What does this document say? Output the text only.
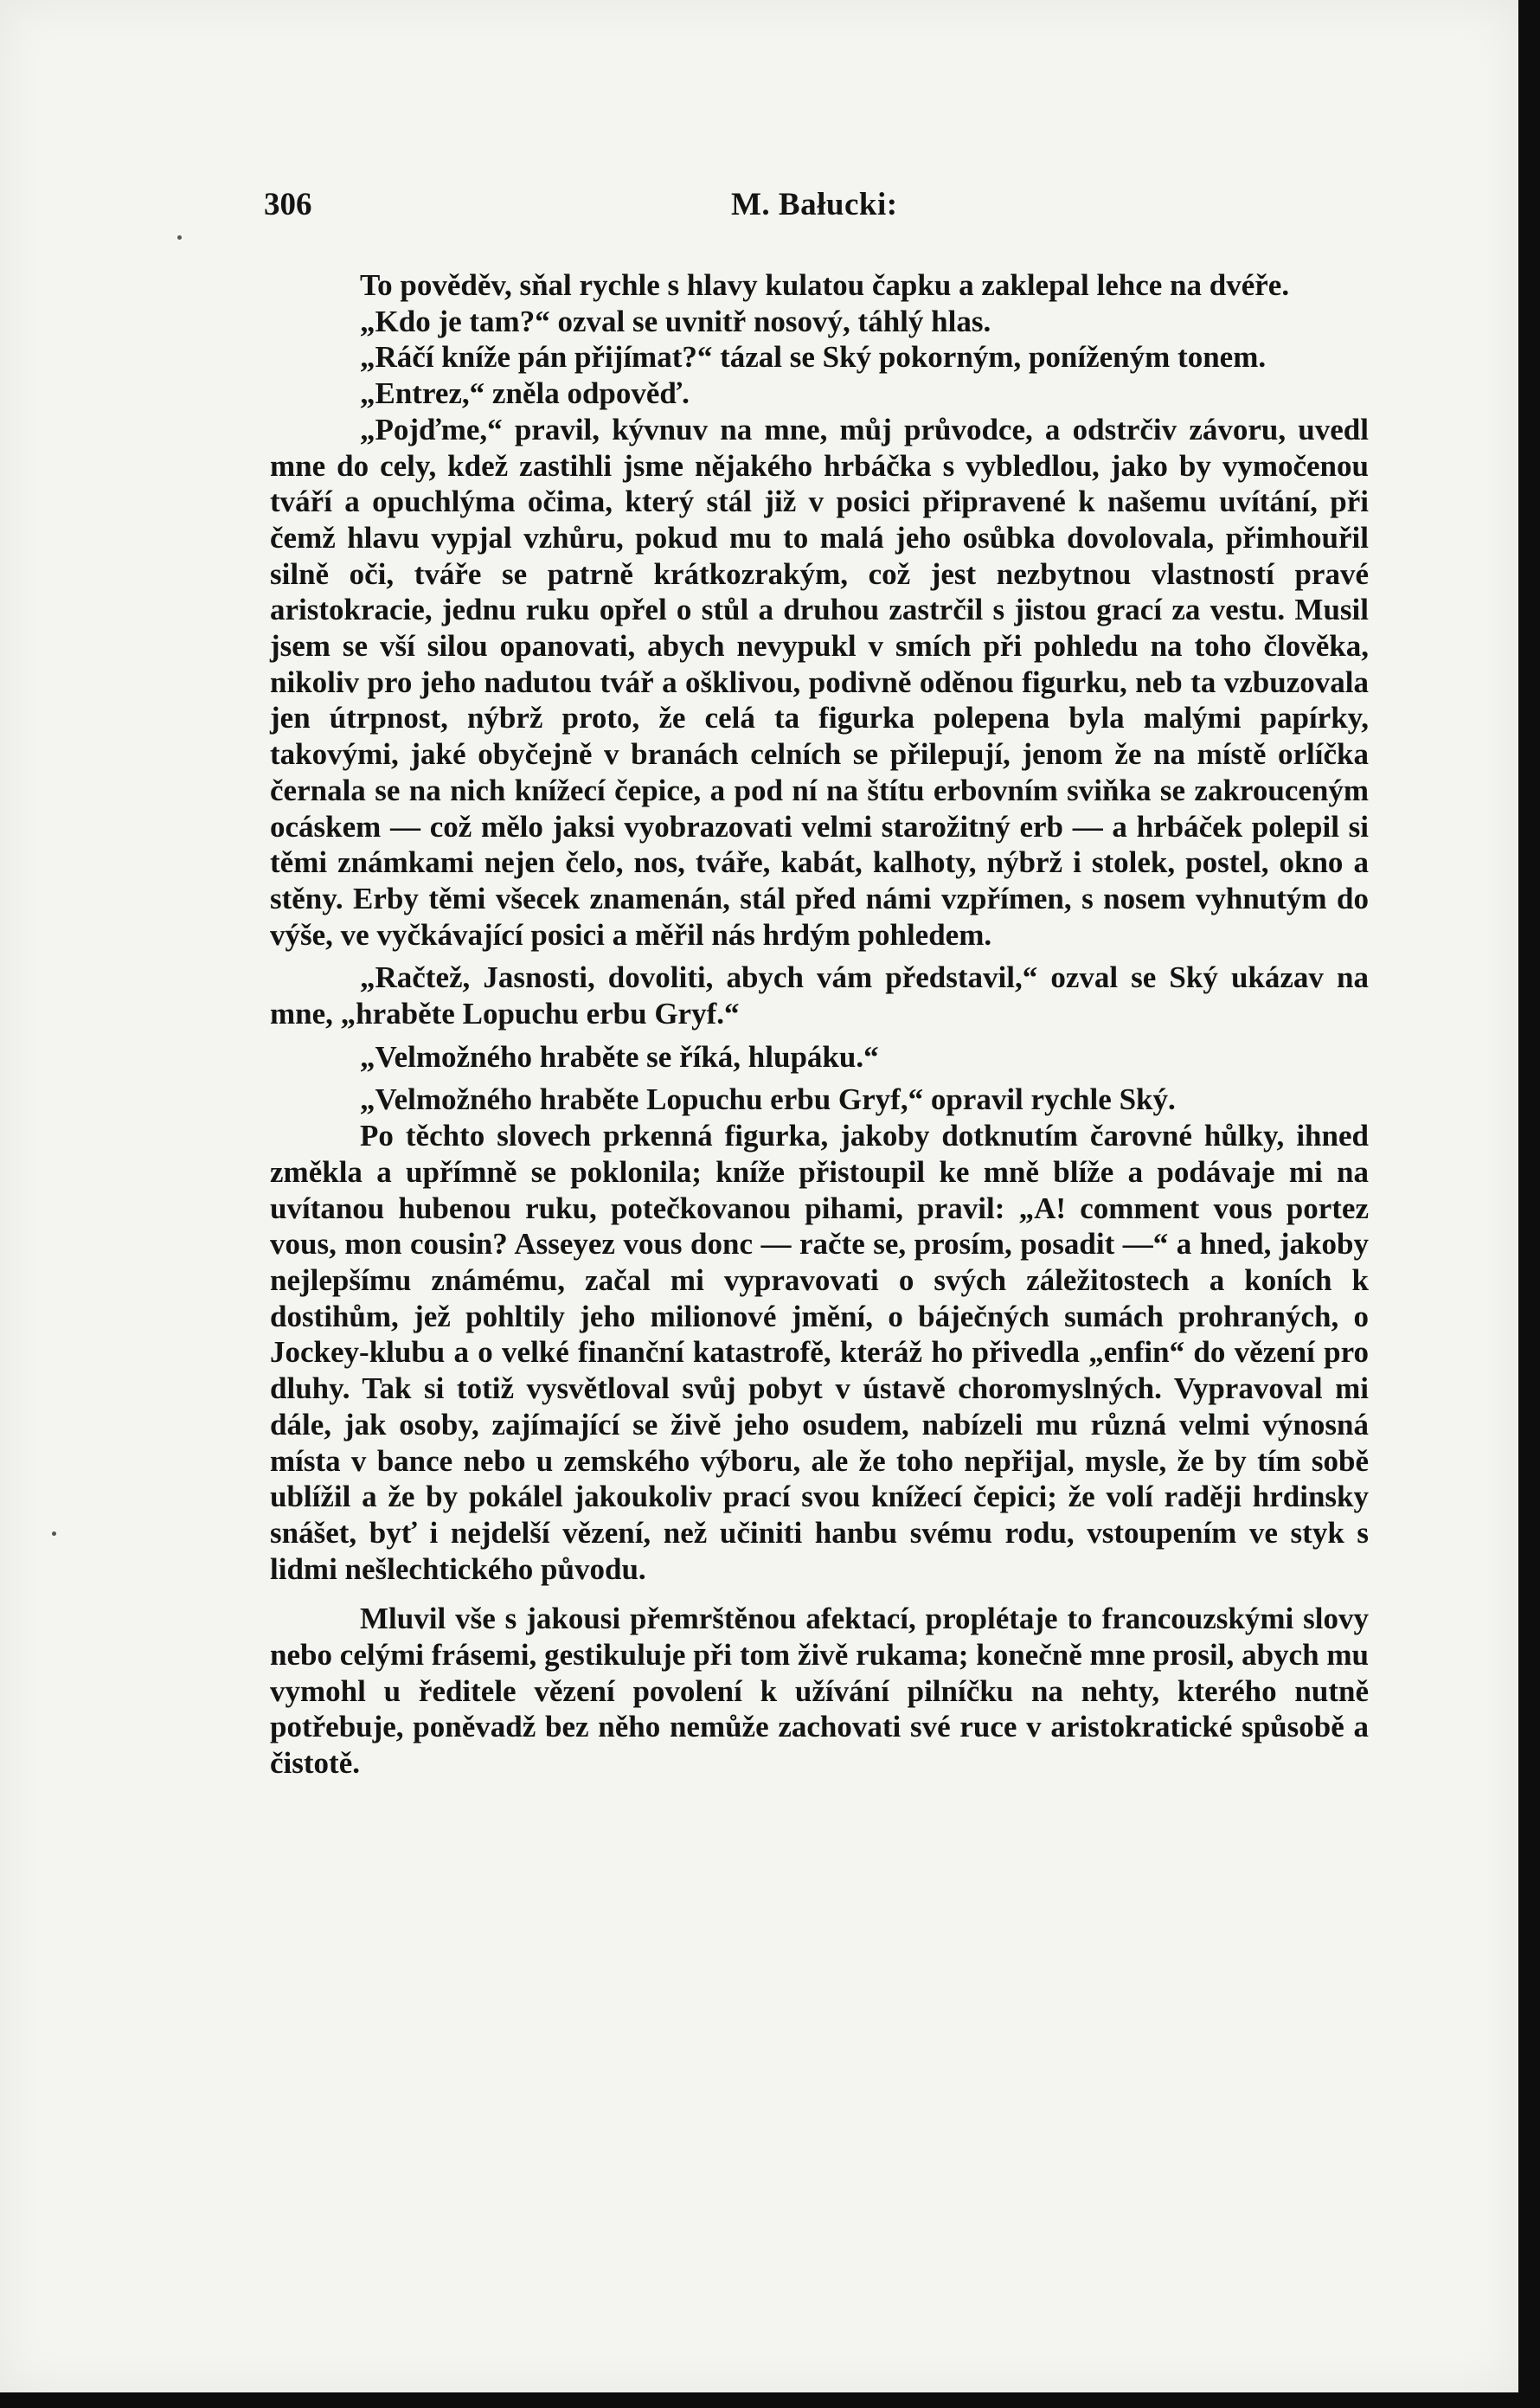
306	M. Bałucki:

To pověděv, sňal rychle s hlavy kulatou čapku a zaklepal lehce na dvéře.

„Kdo je tam?“ ozval se uvnitř nosový, táhlý hlas.

„Ráčí kníže pán přijímat?“ tázal se Ský pokorným, poníženým tonem.

„Entrez,“ zněla odpověď.

„Pojďme,“ pravil, kývnuv na mne, můj průvodce, a odstrčiv závoru, uvedl mne do cely, kdež zastihli jsme nějakého hrbáčka s vybledlou, jako by vymočenou tváří a opuchlýma očima, který stál již v posici připravené k našemu uvítání, při čemž hlavu vypjal vzhůru, pokud mu to malá jeho osůbka dovolovala, přimhouřil silně oči, tváře se patrně krátkozrakým, což jest nezbytnou vlastností pravé aristokracie, jednu ruku opřel o stůl a druhou zastrčil s jistou grací za vestu. Musil jsem se vší silou opanovati, abych nevypukl v smích při pohledu na toho člověka, nikoliv pro jeho nadutou tvář a ošklivou, podivně oděnou figurku, neb ta vzbuzovala jen útrpnost, nýbrž proto, že celá ta figurka polepena byla malými papírky, takovými, jaké obyčejně v branách celních se přilepují, jenom že na místě orlíčka černala se na nich knížecí čepice, a pod ní na štítu erbovním sviňka se zakrouceným ocáskem — což mělo jaksi vyobrazovati velmi starožitný erb — a hrbáček polepil si těmi známkami nejen čelo, nos, tváře, kabát, kalhoty, nýbrž i stolek, postel, okno a stěny. Erby těmi všecek znamenán, stál před námi vzpřímen, s nosem vyhnutým do výše, ve vyčkávající posici a měřil nás hrdým pohledem.

„Račtež, Jasnosti, dovoliti, abych vám představil,“ ozval se Ský ukázav na mne, „hraběte Lopuchu erbu Gryf.“

„Velmožného hraběte se říká, hlupáku.“

„Velmožného hraběte Lopuchu erbu Gryf,“ opravil rychle Ský.

Po těchto slovech prkenná figurka, jakoby dotknutím čarovné hůlky, ihned změkla a upřímně se poklonila; kníže přistoupil ke mně blíže a podávaje mi na uvítanou hubenou ruku, potečkovanou pihami, pravil: „A! comment vous portez vous, mon cousin? Asseyez vous donc — račte se, prosím, posadit —“ a hned, jakoby nejlepšímu známému, začal mi vypravovati o svých záležitostech a koních k dostihům, jež pohltily jeho milionové jmění, o báječných sumách prohraných, o Jockey-klubu a o velké finanční katastrofě, kteráž ho přivedla „enfin“ do vězení pro dluhy. Tak si totiž vysvětloval svůj pobyt v ústavě choromyslných. Vypravoval mi dále, jak osoby, zajímající se živě jeho osudem, nabízeli mu různá velmi výnosná místa v bance nebo u zemského výboru, ale že toho nepřijal, mysle, že by tím sobě ublížil a že by pokálel jakoukoliv prací svou knížecí čepici; že volí raději hrdinsky snášet, byť i nejdelší vězení, než učiniti hanbu svému rodu, vstoupením ve styk s lidmi nešlechtického původu.

Mluvil vše s jakousi přemrštěnou afektací, proplétaje to francouzskými slovy nebo celými frásemi, gestikuluje při tom živě rukama; konečně mne prosil, abych mu vymohl u ředitele vězení povolení k užívání pilníčku na nehty, kterého nutně potřebuje, poněvadž bez něho nemůže zachovati své ruce v aristokratické spůsobě a čistotě.
